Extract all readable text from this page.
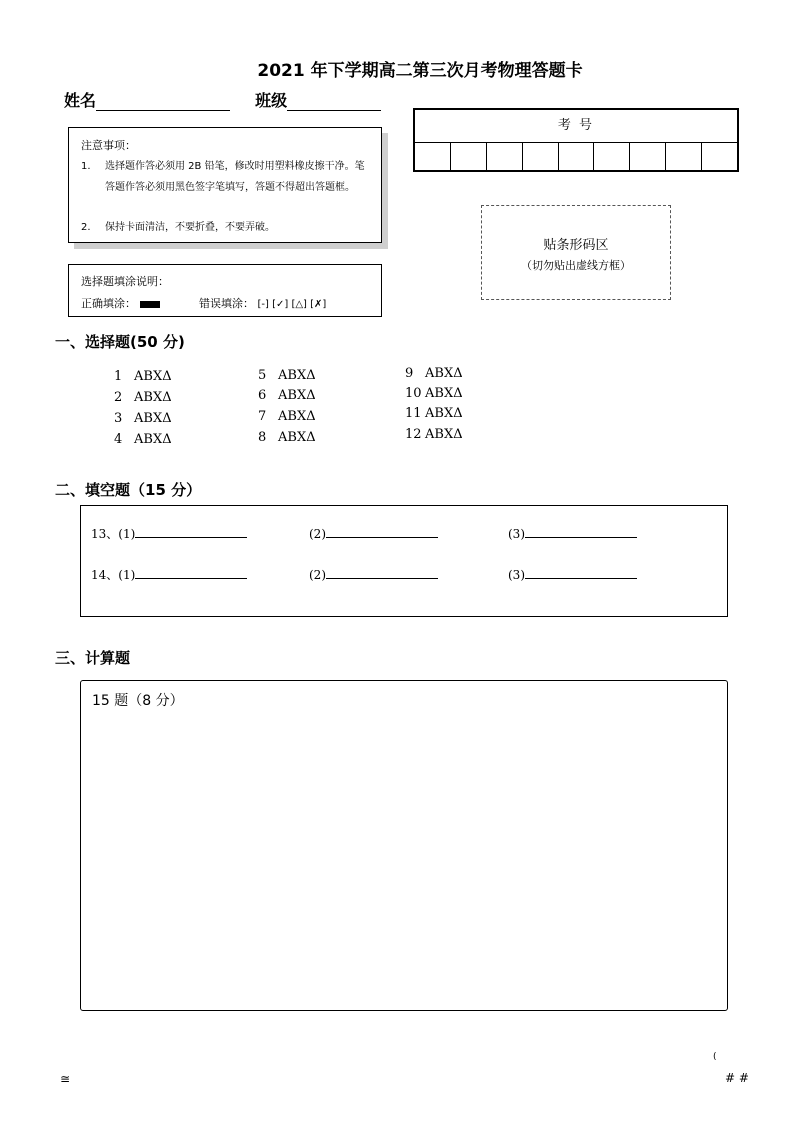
2021 年下学期高二第三次月考物理答题卡
姓名	班级
注意事项：
1. 选择题作答必须用 2B 铅笔，修改时用塑料橡皮擦干净。笔答题作答必须用黑色签字笔填写，答题不得超出答题框。
2. 保持卡面清洁，不要折叠，不要弄破。
选择题填涂说明：
正确填涂：	错误填涂： [-] [✓] [△] [✗]
考 号
贴条形码区
（切勿贴出虚线方框）
一、选择题(50 分)
1 ABXΔ
2 ABXΔ
3 ABXΔ
4 ABXΔ
5 ABXΔ
6 ABXΔ
7 ABXΔ
8 ABXΔ
9 ABXΔ
10 ABXΔ
11 ABXΔ
12 ABXΔ
二、填空题（15 分）
13、(1)	(2)	(3)
14、(1)	(2)	(3)
三、计算题
15 题（8 分）
(
≅	# #
